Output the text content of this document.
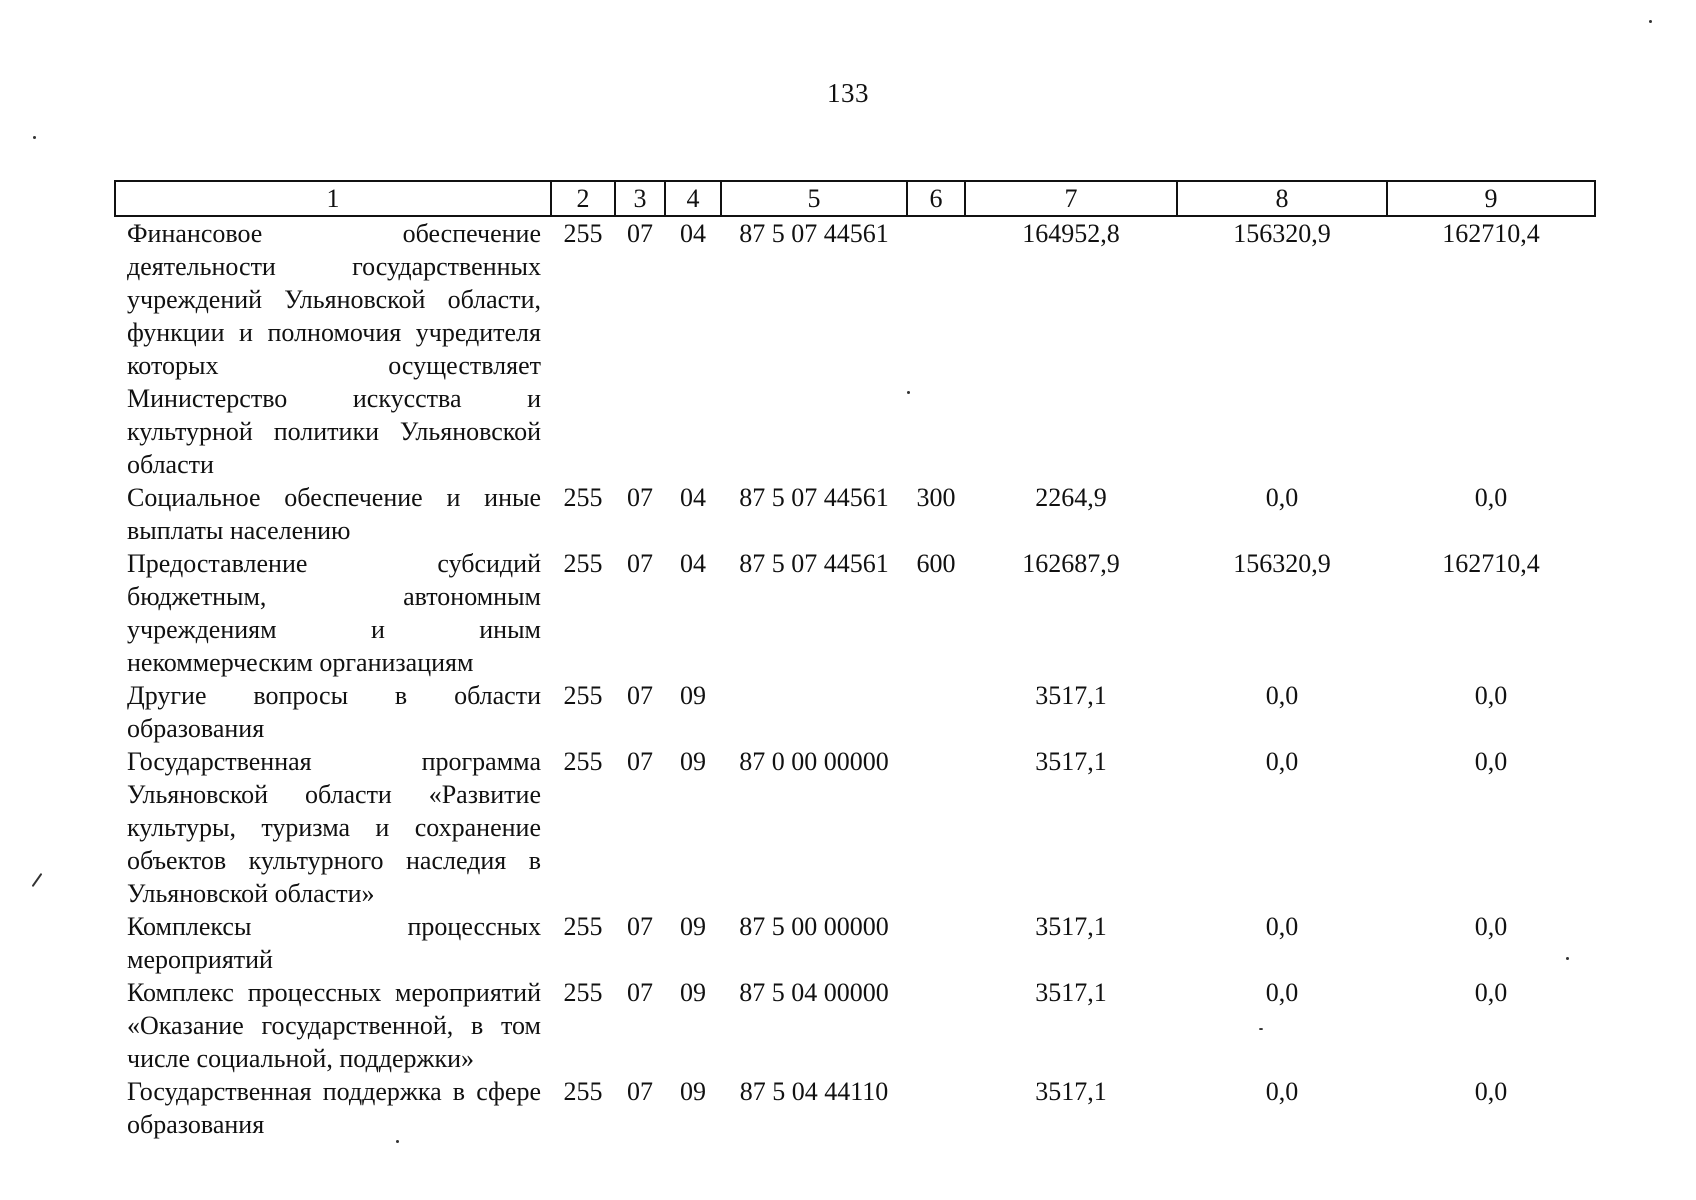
133
1	2	3	4	5	6	7	8	9
Финансовое обеспечение деятельности государственных учреждений Ульяновской области, функции и полномочия учредителя которых осуществляет Министерство искусства и культурной политики Ульяновской области	255	07	04	87 5 07 44561		164952,8	156320,9	162710,4
Социальное обеспечение и иные выплаты населению	255	07	04	87 5 07 44561	300	2264,9	0,0	0,0
Предоставление субсидий бюджетным, автономным учреждениям и иным некоммерческим организациям	255	07	04	87 5 07 44561	600	162687,9	156320,9	162710,4
Другие вопросы в области образования	255	07	09			3517,1	0,0	0,0
Государственная программа Ульяновской области «Развитие культуры, туризма и сохранение объектов культурного наследия в Ульяновской области»	255	07	09	87 0 00 00000		3517,1	0,0	0,0
Комплексы процессных мероприятий	255	07	09	87 5 00 00000		3517,1	0,0	0,0
Комплекс процессных мероприятий «Оказание государственной, в том числе социальной, поддержки»	255	07	09	87 5 04 00000		3517,1	0,0	0,0
Государственная поддержка в сфере образования	255	07	09	87 5 04 44110		3517,1	0,0	0,0
